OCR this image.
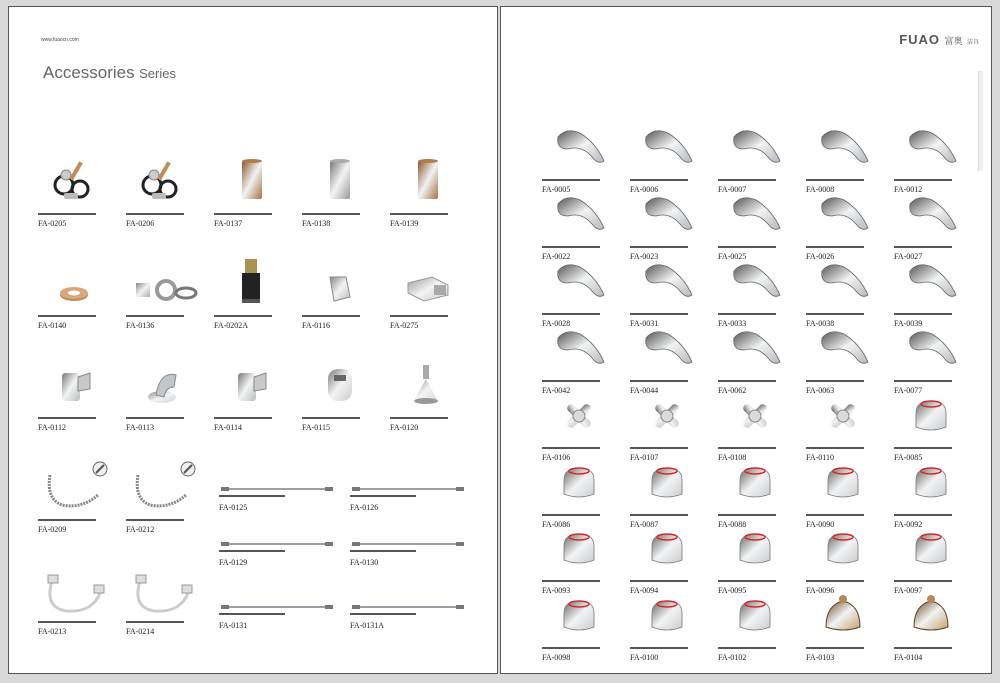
www.fuaocn.com
Accessories Series
FA-0205	FA-0206	FA-0137	FA-0138	FA-0139
FA-0140	FA-0136	FA-0202A	FA-0116	FA-0275
FA-0112	FA-0113	FA-0114	FA-0115	FA-0120
FA-0209	FA-0212
FA-0213	FA-0214
FA-0125	FA-0126
FA-0129	FA-0130
FA-0131	FA-0131A
FUAO 富奥 洁具
FA-0005	FA-0006	FA-0007	FA-0008	FA-0012
FA-0022	FA-0023	FA-0025	FA-0026	FA-0027
FA-0028	FA-0031	FA-0033	FA-0038	FA-0039
FA-0042	FA-0044	FA-0062	FA-0063	FA-0077
FA-0106	FA-0107	FA-0108	FA-0110	FA-0085
FA-0086	FA-0087	FA-0088	FA-0090	FA-0092
FA-0093	FA-0094	FA-0095	FA-0096	FA-0097
FA-0098	FA-0100	FA-0102	FA-0103	FA-0104
